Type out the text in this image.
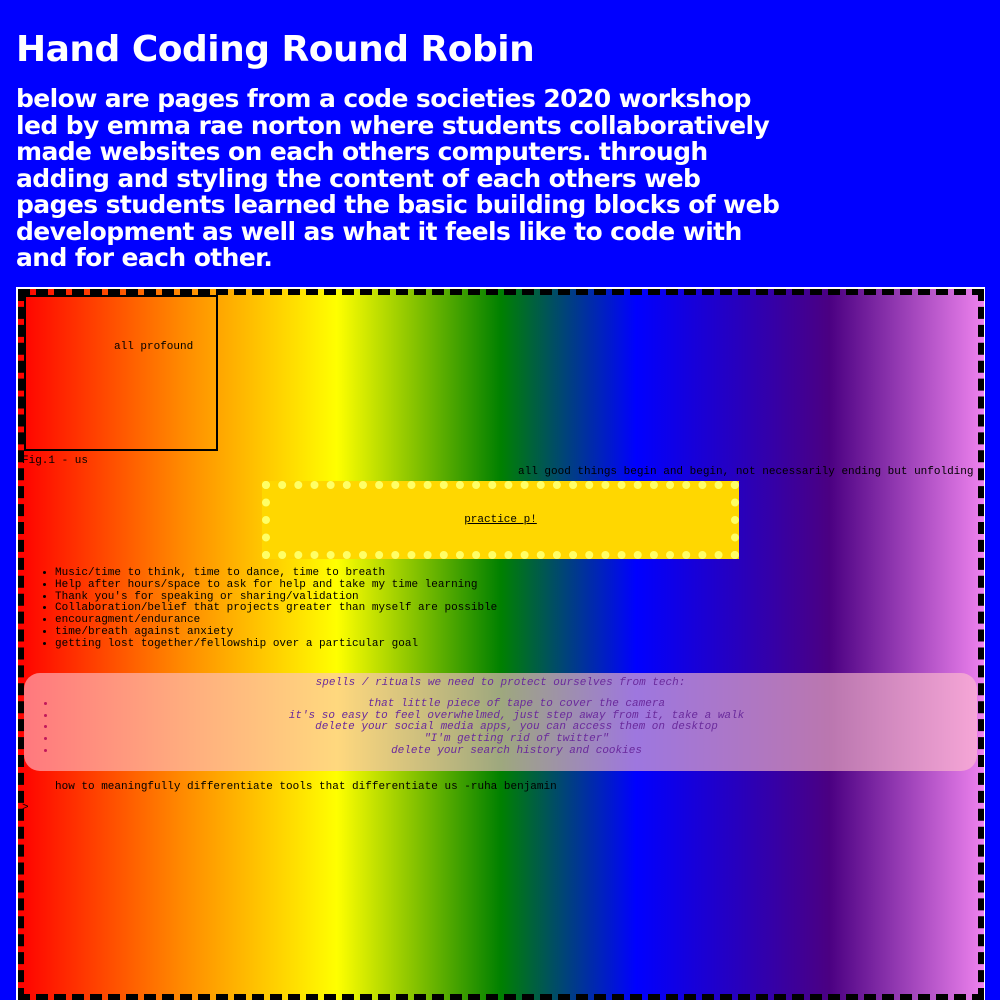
Hand Coding Round Robin

below are pages from a code societies 2020 workshop led by emma rae norton where students collaboratively made websites on each others computers. through adding and styling the content of each others web pages students learned the basic building blocks of web development as well as what it feels like to code with and for each other.

all profound
Fig.1 - us
all good things begin and begin, not necessarily ending but unfolding
practice p!
• Music/time to think, time to dance, time to breath
• Help after hours/space to ask for help and take my time learning
• Thank you's for speaking or sharing/validation
• Collaboration/belief that projects greater than myself are possible
• encouragment/endurance
• time/breath against anxiety
• getting lost together/fellowship over a particular goal
spells / rituals we need to protect ourselves from tech:
• that little piece of tape to cover the camera
• it's so easy to feel overwhelmed, just step away from it, take a walk
• delete your social media apps, you can access them on desktop
• "I'm getting rid of twitter"
• delete your search history and cookies
how to meaningfully differentiate tools that differentiate us -ruha benjamin
>
